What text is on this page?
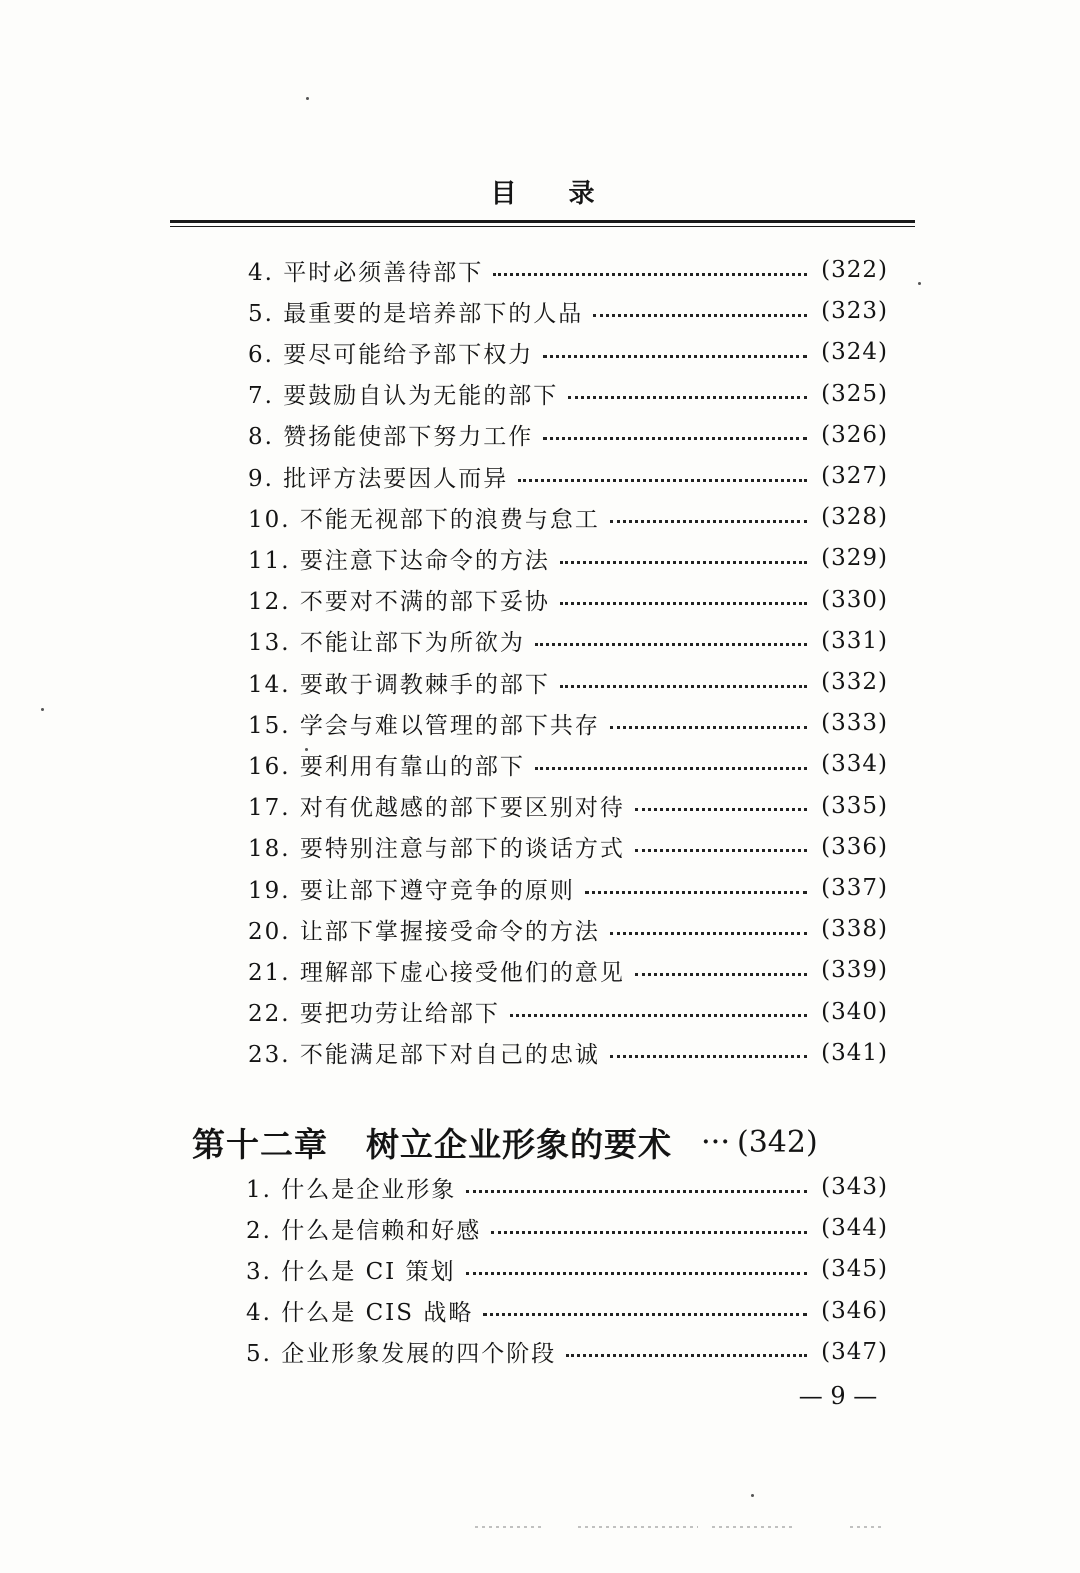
目录
4. 平时必须善待部下	(322)
5. 最重要的是培养部下的人品	(323)
6. 要尽可能给予部下权力	(324)
7. 要鼓励自认为无能的部下	(325)
8. 赞扬能使部下努力工作	(326)
9. 批评方法要因人而异	(327)
10. 不能无视部下的浪费与怠工	(328)
11. 要注意下达命令的方法	(329)
12. 不要对不满的部下妥协	(330)
13. 不能让部下为所欲为	(331)
14. 要敢于调教棘手的部下	(332)
15. 学会与难以管理的部下共存	(333)
16. 要利用有靠山的部下	(334)
17. 对有优越感的部下要区别对待	(335)
18. 要特别注意与部下的谈话方式	(336)
19. 要让部下遵守竞争的原则	(337)
20. 让部下掌握接受命令的方法	(338)
21. 理解部下虚心接受他们的意见	(339)
22. 要把功劳让给部下	(340)
23. 不能满足部下对自己的忠诚	(341)
第十二章 树立企业形象的要术 ··· (342)
1. 什么是企业形象	(343)
2. 什么是信赖和好感	(344)
3. 什么是 CI 策划	(345)
4. 什么是 CIS 战略	(346)
5. 企业形象发展的四个阶段	(347)
— 9 —
